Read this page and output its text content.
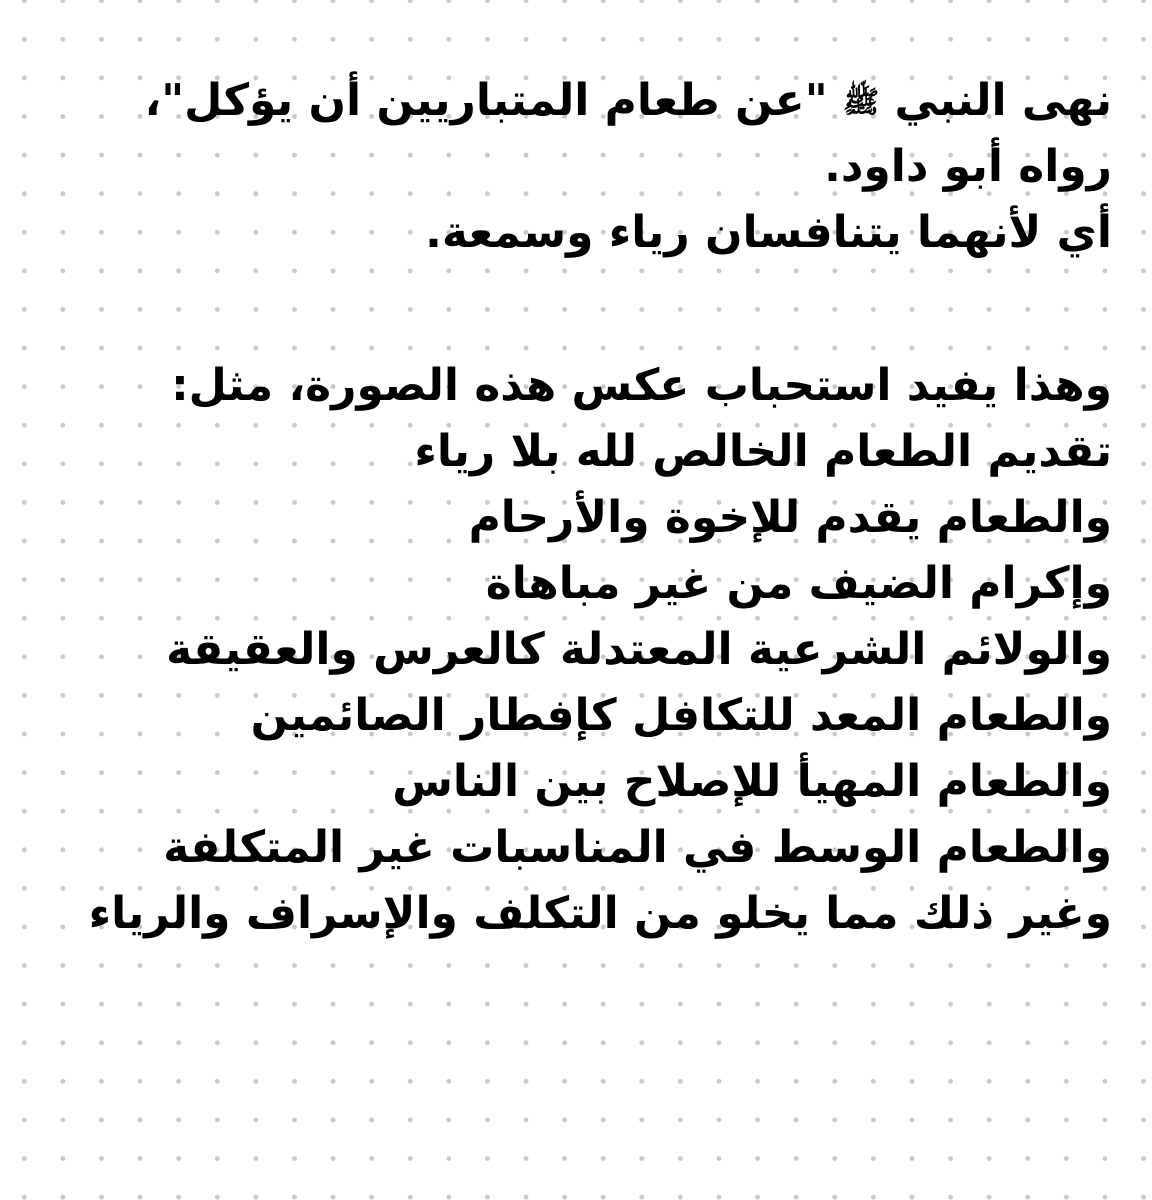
نهى النبي ﷺ "عن طعام المتباريين أن يؤكل"،
رواه أبو داود.
أي لأنهما يتنافسان رياء وسمعة.
وهذا يفيد استحباب عكس هذه الصورة، مثل:
تقديم الطعام الخالص لله بلا رياء
والطعام يقدم للإخوة والأرحام
وإكرام الضيف من غير مباهاة
والولائم الشرعية المعتدلة كالعرس والعقيقة
والطعام المعد للتكافل كإفطار الصائمين
والطعام المهيأ للإصلاح بين الناس
والطعام الوسط في المناسبات غير المتكلفة
وغير ذلك مما يخلو من التكلف والإسراف والرياء
